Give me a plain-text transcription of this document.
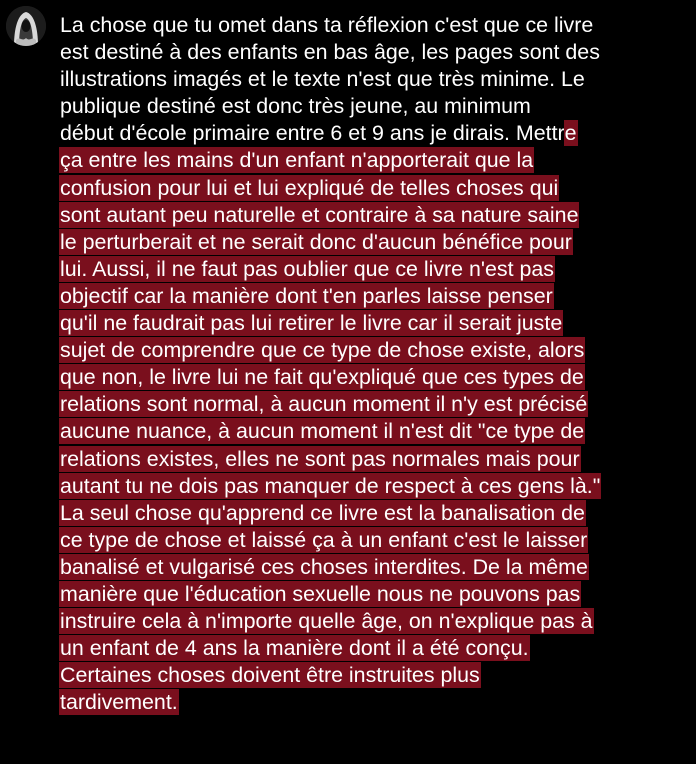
La chose que tu omet dans ta réflexion c'est que ce livre
est destiné à des enfants en bas âge, les pages sont des
illustrations imagés et le texte n'est que très minime. Le
publique destiné est donc très jeune, au minimum
début d'école primaire entre 6 et 9 ans je dirais. Mettre
ça entre les mains d'un enfant n'apporterait que la
confusion pour lui et lui expliqué de telles choses qui
sont autant peu naturelle et contraire à sa nature saine
le perturberait et ne serait donc d'aucun bénéfice pour
lui. Aussi, il ne faut pas oublier que ce livre n'est pas
objectif car la manière dont t'en parles laisse penser
qu'il ne faudrait pas lui retirer le livre car il serait juste
sujet de comprendre que ce type de chose existe, alors
que non, le livre lui ne fait qu'expliqué que ces types de
relations sont normal, à aucun moment il n'y est précisé
aucune nuance, à aucun moment il n'est dit "ce type de
relations existes, elles ne sont pas normales mais pour
autant tu ne dois pas manquer de respect à ces gens là."
La seul chose qu'apprend ce livre est la banalisation de
ce type de chose et laissé ça à un enfant c'est le laisser
banalisé et vulgarisé ces choses interdites. De la même
manière que l'éducation sexuelle nous ne pouvons pas
instruire cela à n'importe quelle âge, on n'explique pas à
un enfant de 4 ans la manière dont il a été conçu.
Certaines choses doivent être instruites plus
tardivement.
